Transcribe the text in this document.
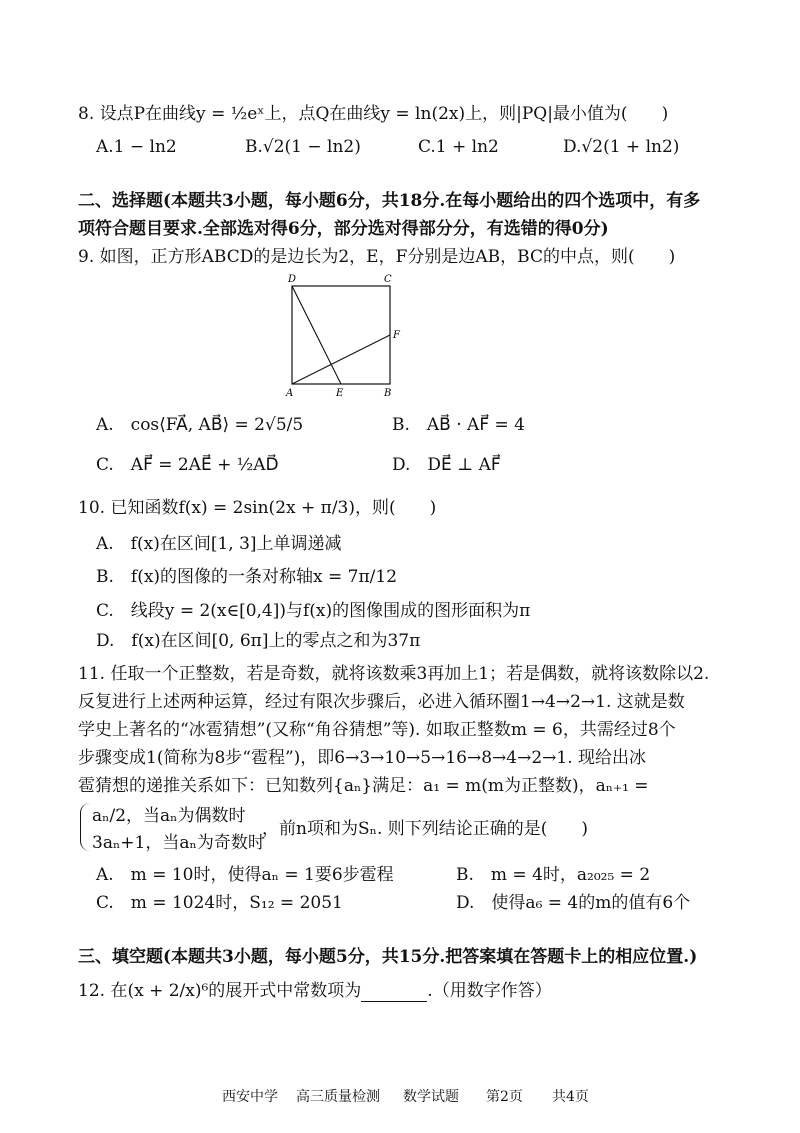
8. 设点P在曲线y = ½eˣ上，点Q在曲线y = ln(2x)上，则|PQ|最小值为(　　)
A.1 − ln2	B.√2(1 − ln2)	C.1 + ln2	D.√2(1 + ln2)
二、选择题(本题共3小题，每小题6分，共18分.在每小题给出的四个选项中，有多
项符合题目要求.全部选对得6分，部分选对得部分分，有选错的得0分)
9. 如图，正方形ABCD的是边长为2，E，F分别是边AB，BC的中点，则(　　)
D	C
F
A	E	B
A.　cos⟨FA⃗, AB⃗⟩ = 2√5/5	B.　AB⃗ · AF⃗ = 4
C.　AF⃗ = 2AE⃗ + ½AD⃗	D.　DE⃗ ⊥ AF⃗
10. 已知函数f(x) = 2sin(2x + π/3)，则(　　)
A.　f(x)在区间[1, 3]上单调递减
B.　f(x)的图像的一条对称轴x = 7π/12
C.　线段y = 2(x∈[0,4])与f(x)的图像围成的图形面积为π
D.　f(x)在区间[0, 6π]上的零点之和为37π
11. 任取一个正整数，若是奇数，就将该数乘3再加上1；若是偶数，就将该数除以2.
反复进行上述两种运算，经过有限次步骤后，必进入循环圈1→4→2→1. 这就是数
学史上著名的“冰雹猜想”(又称“角谷猜想”等). 如取正整数m = 6，共需经过8个
步骤变成1(简称为8步“雹程”)，即6→3→10→5→16→8→4→2→1. 现给出冰
雹猜想的递推关系如下：已知数列{aₙ}满足：a₁ = m(m为正整数)，aₙ₊₁ =
aₙ/2，当aₙ为偶数时
3aₙ+1，当aₙ为奇数时
，前n项和为Sₙ. 则下列结论正确的是(　　)
A.　m = 10时，使得aₙ = 1要6步雹程	B.　m = 4时，a₂₀₂₅ = 2
C.　m = 1024时，S₁₂ = 2051	D.　使得a₆ = 4的m的值有6个
三、填空题(本题共3小题，每小题5分，共15分.把答案填在答题卡上的相应位置.)
12. 在(x + 2/x)⁶的展开式中常数项为	.（用数字作答）
西安中学 高三质量检测 数学试题 第2页 共4页
